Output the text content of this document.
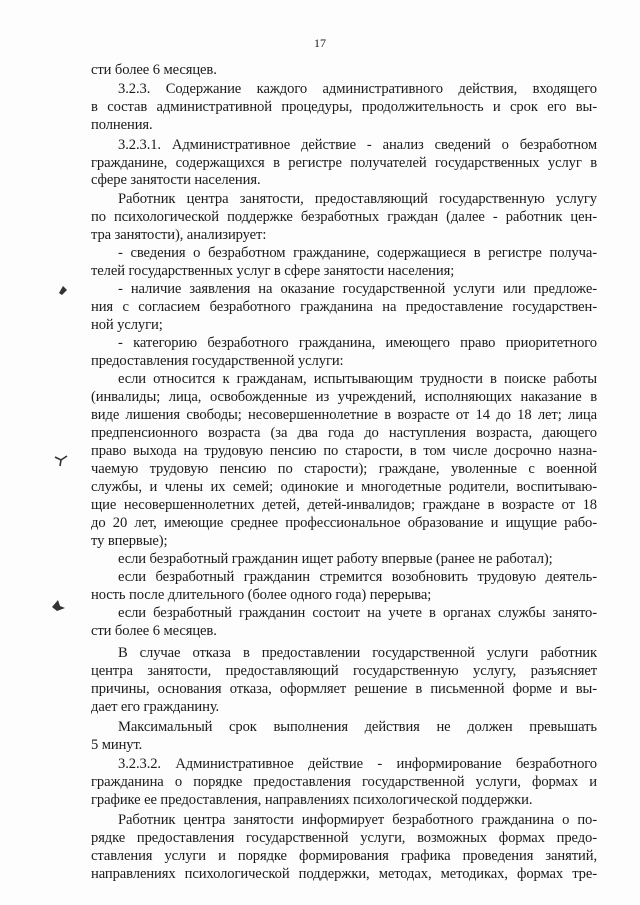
17
сти более 6 месяцев.
3.2.3. Содержание каждого административного действия, входящего
в состав административной процедуры, продолжительность и срок его вы-
полнения.
3.2.3.1. Административное действие - анализ сведений о безработном
гражданине, содержащихся в регистре получателей государственных услуг в
сфере занятости населения.
Работник центра занятости, предоставляющий государственную услугу
по психологической поддержке безработных граждан (далее - работник цен-
тра занятости), анализирует:
- сведения о безработном гражданине, содержащиеся в регистре получа-
телей государственных услуг в сфере занятости населения;
- наличие заявления на оказание государственной услуги или предложе-
ния с согласием безработного гражданина на предоставление государствен-
ной услуги;
- категорию безработного гражданина, имеющего право приоритетного
предоставления государственной услуги:
если относится к гражданам, испытывающим трудности в поиске работы
(инвалиды; лица, освобожденные из учреждений, исполняющих наказание в
виде лишения свободы; несовершеннолетние в возрасте от 14 до 18 лет; лица
предпенсионного возраста (за два года до наступления возраста, дающего
право выхода на трудовую пенсию по старости, в том числе досрочно назна-
чаемую трудовую пенсию по старости); граждане, уволенные с военной
службы, и члены их семей; одинокие и многодетные родители, воспитываю-
щие несовершеннолетних детей, детей-инвалидов; граждане в возрасте от 18
до 20 лет, имеющие среднее профессиональное образование и ищущие рабо-
ту впервые);
если безработный гражданин ищет работу впервые (ранее не работал);
если безработный гражданин стремится возобновить трудовую деятель-
ность после длительного (более одного года) перерыва;
если безработный гражданин состоит на учете в органах службы занято-
сти более 6 месяцев.
В случае отказа в предоставлении государственной услуги работник
центра занятости, предоставляющий государственную услугу, разъясняет
причины, основания отказа, оформляет решение в письменной форме и вы-
дает его гражданину.
Максимальный срок выполнения действия не должен превышать
5 минут.
3.2.3.2. Административное действие - информирование безработного
гражданина о порядке предоставления государственной услуги, формах и
графике ее предоставления, направлениях психологической поддержки.
Работник центра занятости информирует безработного гражданина о по-
рядке предоставления государственной услуги, возможных формах предо-
ставления услуги и порядке формирования графика проведения занятий,
направлениях психологической поддержки, методах, методиках, формах тре-
